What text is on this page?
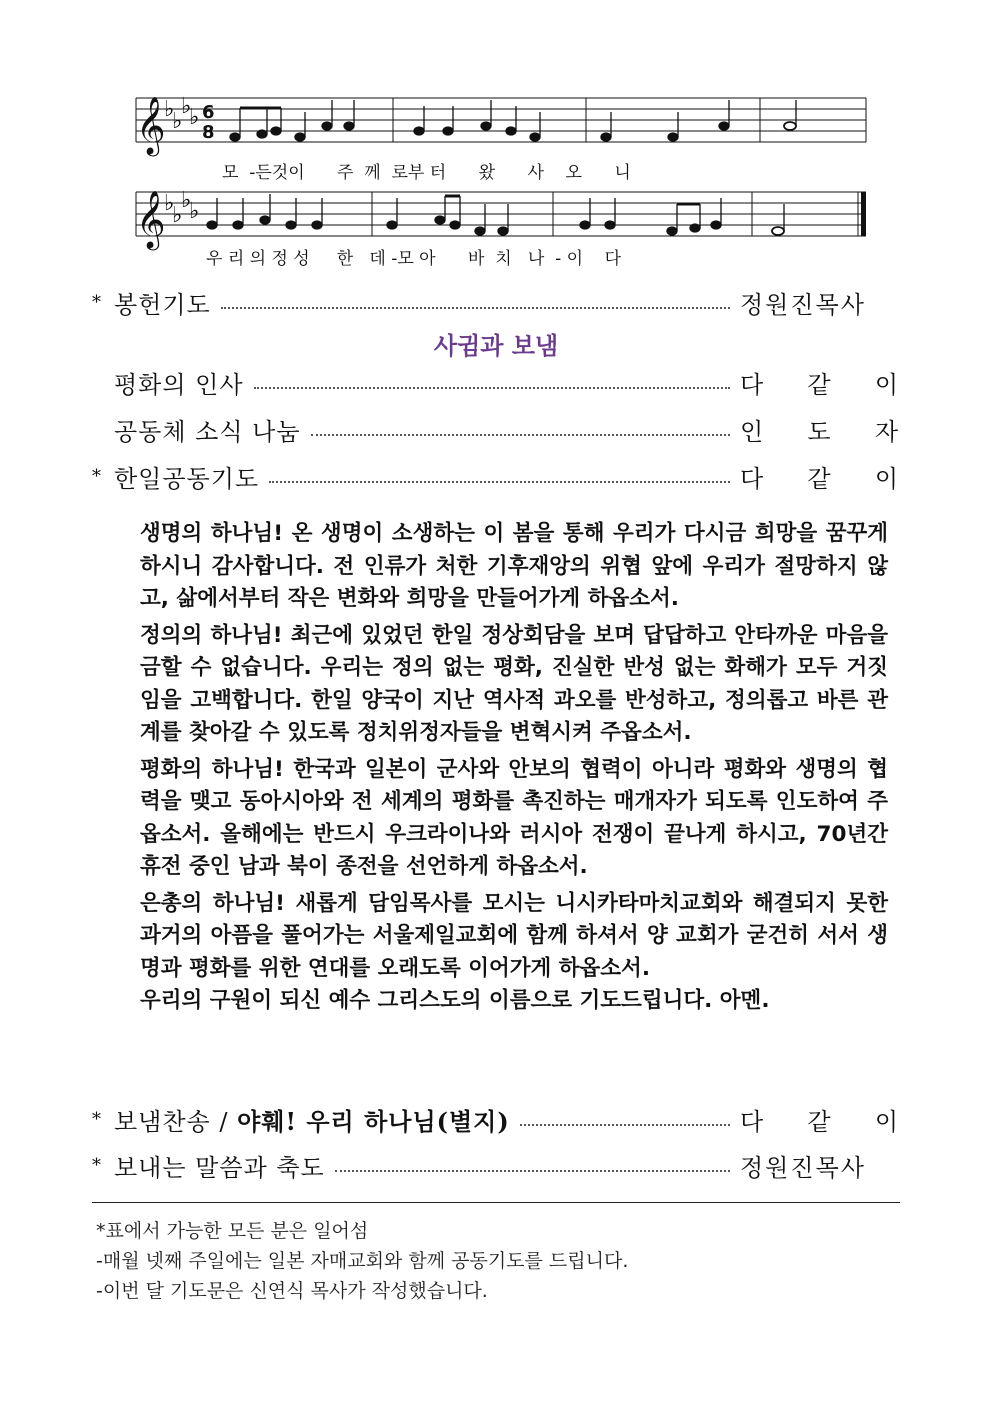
𝄞
𝄞
♭
♭
♭
♭
♭
♭
♭
♭
6
8
모  -든것이      주  께  로부 터      왔      사    오      니
우 리 의 정 성     한   데 -모 아      바  치   나  - 이    다
* 봉헌기도	정원진목사
사귐과 보냄
평화의 인사	다 같 이
공동체 소식 나눔	인 도 자
* 한일공동기도	다 같 이

생명의 하나님! 온 생명이 소생하는 이 봄을 통해 우리가 다시금 희망을 꿈꾸게 하시니 감사합니다. 전 인류가 처한 기후재앙의 위협 앞에 우리가 절망하지 않고, 삶에서부터 작은 변화와 희망을 만들어가게 하옵소서.

정의의 하나님! 최근에 있었던 한일 정상회담을 보며 답답하고 안타까운 마음을 금할 수 없습니다. 우리는 정의 없는 평화, 진실한 반성 없는 화해가 모두 거짓임을 고백합니다. 한일 양국이 지난 역사적 과오를 반성하고, 정의롭고 바른 관계를 찾아갈 수 있도록 정치위정자들을 변혁시켜 주옵소서.

평화의 하나님! 한국과 일본이 군사와 안보의 협력이 아니라 평화와 생명의 협력을 맺고 동아시아와 전 세계의 평화를 촉진하는 매개자가 되도록 인도하여 주옵소서. 올해에는 반드시 우크라이나와 러시아 전쟁이 끝나게 하시고, 70년간 휴전 중인 남과 북이 종전을 선언하게 하옵소서.

은총의 하나님! 새롭게 담임목사를 모시는 니시카타마치교회와 해결되지 못한 과거의 아픔을 풀어가는 서울제일교회에 함께 하셔서 양 교회가 굳건히 서서 생명과 평화를 위한 연대를 오래도록 이어가게 하옵소서.

우리의 구원이 되신 예수 그리스도의 이름으로 기도드립니다. 아멘.

* 보냄찬송 / 야훼! 우리 하나님(별지)	다 같 이
* 보내는 말씀과 축도	정원진목사
*표에서 가능한 모든 분은 일어섬
-매월 넷째 주일에는 일본 자매교회와 함께 공동기도를 드립니다.
-이번 달 기도문은 신연식 목사가 작성했습니다.
